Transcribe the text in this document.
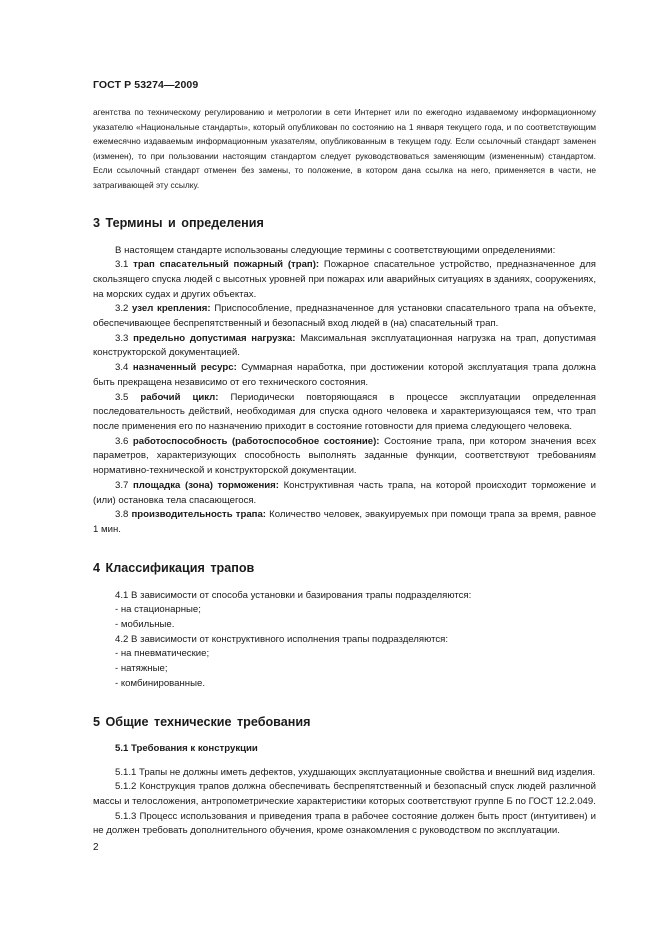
ГОСТ Р 53274—2009

агентства по техническому регулированию и метрологии в сети Интернет или по ежегодно издаваемому информационному указателю «Национальные стандарты», который опубликован по состоянию на 1 января текущего года, и по соответствующим ежемесячно издаваемым информационным указателям, опубликованным в текущем году. Если ссылочный стандарт заменен (изменен), то при пользовании настоящим стандартом следует руководствоваться заменяющим (измененным) стандартом. Если ссылочный стандарт отменен без замены, то положение, в котором дана ссылка на него, применяется в части, не затрагивающей эту ссылку.

3 Термины и определения

В настоящем стандарте использованы следующие термины с соответствующими определениями:

3.1 трап спасательный пожарный (трап): Пожарное спасательное устройство, предназначенное для скользящего спуска людей с высотных уровней при пожарах или аварийных ситуациях в зданиях, сооружениях, на морских судах и других объектах.

3.2 узел крепления: Приспособление, предназначенное для установки спасательного трапа на объекте, обеспечивающее беспрепятственный и безопасный вход людей в (на) спасательный трап.

3.3 предельно допустимая нагрузка: Максимальная эксплуатационная нагрузка на трап, допустимая конструкторской документацией.

3.4 назначенный ресурс: Суммарная наработка, при достижении которой эксплуатация трапа должна быть прекращена независимо от его технического состояния.

3.5 рабочий цикл: Периодически повторяющаяся в процессе эксплуатации определенная последовательность действий, необходимая для спуска одного человека и характеризующаяся тем, что трап после применения его по назначению приходит в состояние готовности для приема следующего человека.

3.6 работоспособность (работоспособное состояние): Состояние трапа, при котором значения всех параметров, характеризующих способность выполнять заданные функции, соответствуют требованиям нормативно-технической и конструкторской документации.

3.7 площадка (зона) торможения: Конструктивная часть трапа, на которой происходит торможение и (или) остановка тела спасающегося.

3.8 производительность трапа: Количество человек, эвакуируемых при помощи трапа за время, равное 1 мин.

4 Классификация трапов

4.1 В зависимости от способа установки и базирования трапы подразделяются:

- на стационарные;

- мобильные.

4.2 В зависимости от конструктивного исполнения трапы подразделяются:

- на пневматические;

- натяжные;

- комбинированные.

5 Общие технические требования
5.1 Требования к конструкции

5.1.1 Трапы не должны иметь дефектов, ухудшающих эксплуатационные свойства и внешний вид изделия.

5.1.2 Конструкция трапов должна обеспечивать беспрепятственный и безопасный спуск людей различной массы и телосложения, антропометрические характеристики которых соответствуют группе Б по ГОСТ 12.2.049.

5.1.3 Процесс использования и приведения трапа в рабочее состояние должен быть прост (интуитивен) и не должен требовать дополнительного обучения, кроме ознакомления с руководством по эксплуатации.

2
